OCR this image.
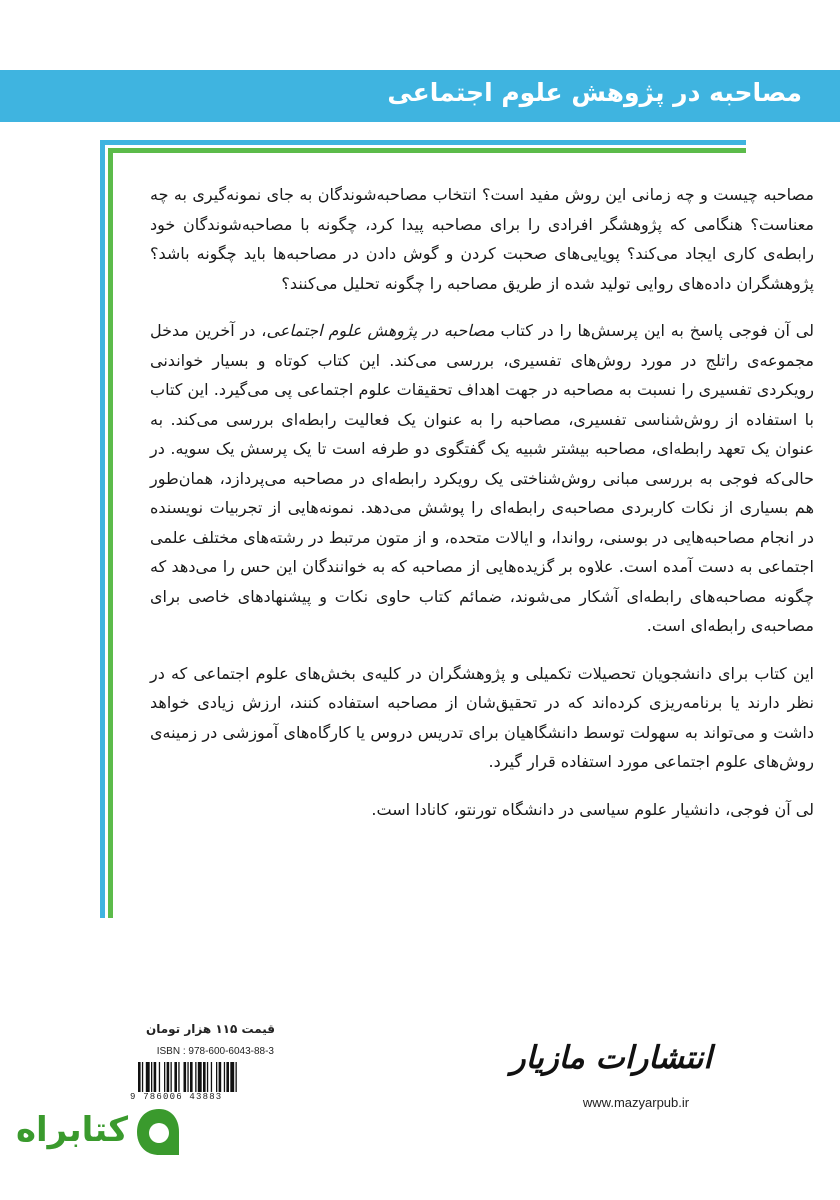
مصاحبه در پژوهش علوم اجتماعی

مصاحبه چیست و چه زمانی این روش مفید است؟ انتخاب مصاحبه‌شوندگان به جای نمونه‌گیری به چه معناست؟ هنگامی که پژوهشگر افرادی را برای مصاحبه پیدا کرد، چگونه با مصاحبه‌شوندگان خود رابطه‌ی کاری ایجاد می‌کند؟ پویایی‌های صحبت کردن و گوش دادن در مصاحبه‌ها باید چگونه باشد؟ پژوهشگران داده‌های روایی تولید شده از طریق مصاحبه را چگونه تحلیل می‌کنند؟

لی آن فوجی پاسخ به این پرسش‌ها را در کتاب مصاحبه در پژوهش علوم اجتماعی، در آخرین مدخل مجموعه‌ی راتلج در مورد روش‌های تفسیری، بررسی می‌کند. این کتاب کوتاه و بسیار خواندنی رویکردی تفسیری را نسبت به مصاحبه در جهت اهداف تحقیقات علوم اجتماعی پی می‌گیرد. این کتاب با استفاده از روش‌شناسی تفسیری، مصاحبه را به عنوان یک فعالیت رابطه‌ای بررسی می‌کند. به عنوان یک تعهد رابطه‌ای، مصاحبه بیشتر شبیه یک گفتگوی دو طرفه است تا یک پرسش یک سویه. در حالی‌که فوجی به بررسی مبانی روش‌شناختی یک رویکرد رابطه‌ای در مصاحبه می‌پردازد، همان‌طور هم بسیاری از نکات کاربردی مصاحبه‌ی رابطه‌ای را پوشش می‌دهد. نمونه‌هایی از تجربیات نویسنده در انجام مصاحبه‌هایی در بوسنی، رواندا، و ایالات متحده، و از متون مرتبط در رشته‌های مختلف علمی اجتماعی به دست آمده است. علاوه بر گزیده‌هایی از مصاحبه که به خوانندگان این حس را می‌دهد که چگونه مصاحبه‌های رابطه‌ای آشکار می‌شوند، ضمائم کتاب حاوی نکات و پیشنهادهای خاصی برای مصاحبه‌ی رابطه‌ای است.

این کتاب برای دانشجویان تحصیلات تکمیلی و پژوهشگران در کلیه‌ی بخش‌های علوم اجتماعی که در نظر دارند یا برنامه‌ریزی کرده‌اند که در تحقیق‌شان از مصاحبه استفاده کنند، ارزش زیادی خواهد داشت و می‌تواند به سهولت توسط دانشگاهیان برای تدریس دروس یا کارگاه‌های آموزشی در زمینه‌ی روش‌های علوم اجتماعی مورد استفاده قرار گیرد.

لی آن فوجی، دانشیار علوم سیاسی در دانشگاه تورنتو، کانادا است.

قیمت ۱۱۵ هزار تومان
ISBN : 978-600-6043-88-3
9 786006 43883
کتابراه
انتشارات مازیار
www.mazyarpub.ir
